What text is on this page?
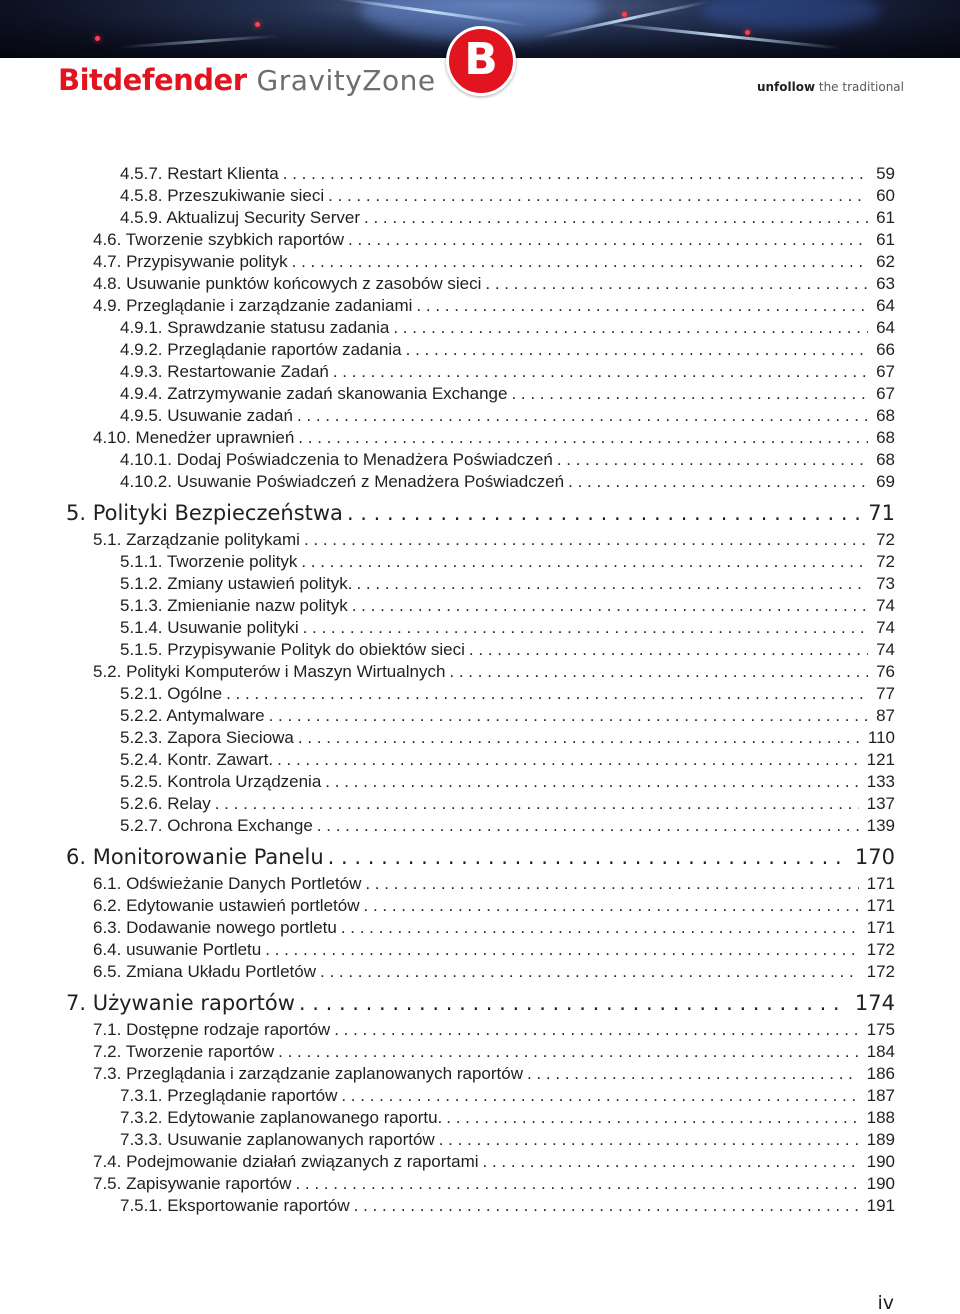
Bitdefender GravityZone B
unfollow the traditional
4.5.7. Restart Klienta . . .	59
4.5.8. Przeszukiwanie sieci . . .	60
4.5.9. Aktualizuj Security Server . . .	61
4.6. Tworzenie szybkich raportów . . .	61
4.7. Przypisywanie polityk . . .	62
4.8. Usuwanie punktów końcowych z zasobów sieci . . .	63
4.9. Przeglądanie i zarządzanie zadaniami . . .	64
4.9.1. Sprawdzanie statusu zadania . . .	64
4.9.2. Przeglądanie raportów zadania . . .	66
4.9.3. Restartowanie Zadań . . .	67
4.9.4. Zatrzymywanie zadań skanowania Exchange . . .	67
4.9.5. Usuwanie zadań . . .	68
4.10. Menedżer uprawnień . . .	68
4.10.1. Dodaj Poświadczenia to Menadżera Poświadczeń . . .	68
4.10.2. Usuwanie Poświadczeń z Menadżera Poświadczeń . . .	69
5. Polityki Bezpieczeństwa . . .	71
5.1. Zarządzanie politykami . . .	72
5.1.1. Tworzenie polityk . . .	72
5.1.2. Zmiany ustawień polityk. . . .	73
5.1.3. Zmienianie nazw polityk . . .	74
5.1.4. Usuwanie polityki . . .	74
5.1.5. Przypisywanie Polityk do obiektów sieci . . .	74
5.2. Polityki Komputerów i Maszyn Wirtualnych . . .	76
5.2.1. Ogólne . . .	77
5.2.2. Antymalware . . .	87
5.2.3. Zapora Sieciowa . . .	110
5.2.4. Kontr. Zawart. . . .	121
5.2.5. Kontrola Urządzenia . . .	133
5.2.6. Relay . . .	137
5.2.7. Ochrona Exchange . . .	139
6. Monitorowanie Panelu . . .	170
6.1. Odświeżanie Danych Portletów . . .	171
6.2. Edytowanie ustawień portletów . . .	171
6.3. Dodawanie nowego portletu . . .	171
6.4. usuwanie Portletu . . .	172
6.5. Zmiana Układu Portletów . . .	172
7. Używanie raportów . . .	174
7.1. Dostępne rodzaje raportów . . .	175
7.2. Tworzenie raportów . . .	184
7.3. Przeglądania i zarządzanie zaplanowanych raportów . . .	186
7.3.1. Przeglądanie raportów . . .	187
7.3.2. Edytowanie zaplanowanego raportu. . . .	188
7.3.3. Usuwanie zaplanowanych raportów . . .	189
7.4. Podejmowanie działań związanych z raportami . . .	190
7.5. Zapisywanie raportów . . .	190
7.5.1. Eksportowanie raportów . . .	191
iv
